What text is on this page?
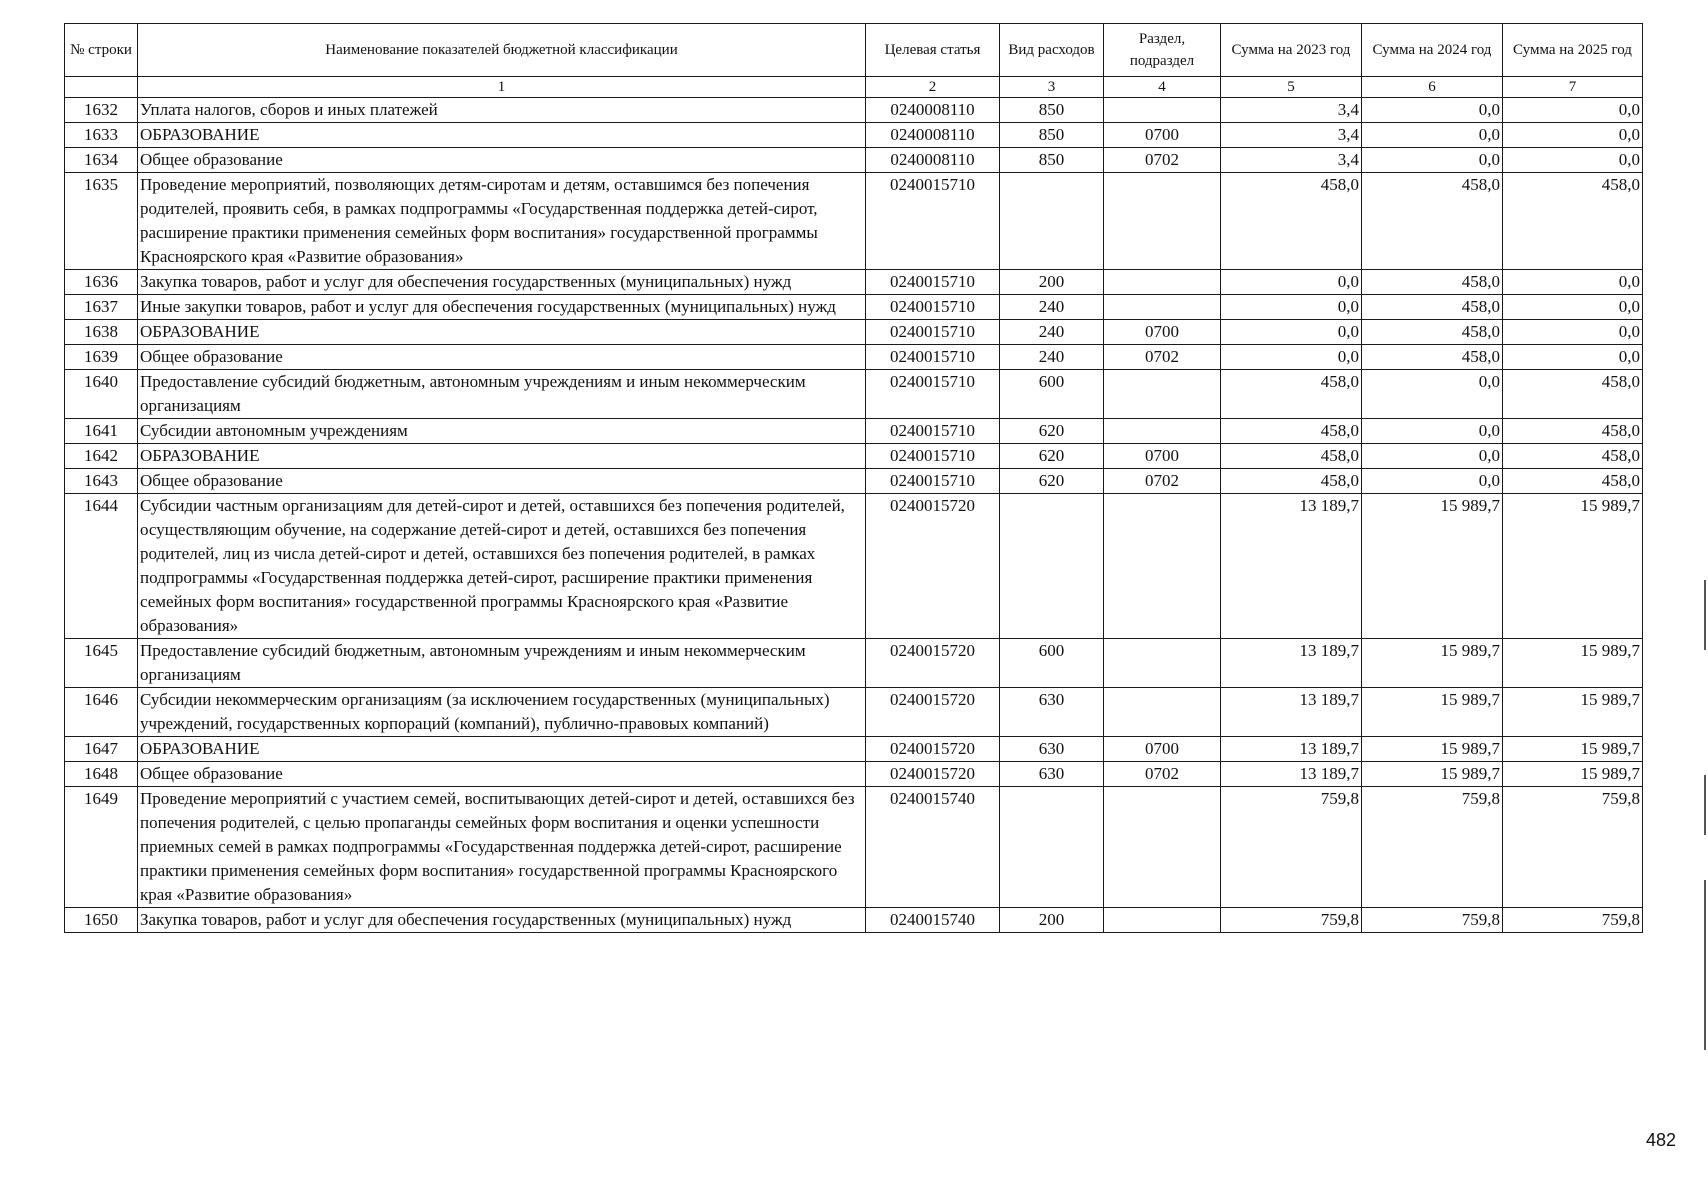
№ строки	Наименование показателей бюджетной классификации	Целевая статья	Вид расходов	Раздел, подраздел	Сумма на 2023 год	Сумма на 2024 год	Сумма на 2025 год
	1	2	3	4	5	6	7
1632	Уплата налогов, сборов и иных платежей	0240008110	850		3,4	0,0	0,0
1633	ОБРАЗОВАНИЕ	0240008110	850	0700	3,4	0,0	0,0
1634	Общее образование	0240008110	850	0702	3,4	0,0	0,0
1635	Проведение мероприятий, позволяющих детям-сиротам и детям, оставшимся без попечения родителей, проявить себя, в рамках подпрограммы «Государственная поддержка детей-сирот, расширение практики применения семейных форм воспитания» государственной программы Красноярского края «Развитие образования»	0240015710			458,0	458,0	458,0
1636	Закупка товаров, работ и услуг для обеспечения государственных (муниципальных) нужд	0240015710	200		0,0	458,0	0,0
1637	Иные закупки товаров, работ и услуг для обеспечения государственных (муниципальных) нужд	0240015710	240		0,0	458,0	0,0
1638	ОБРАЗОВАНИЕ	0240015710	240	0700	0,0	458,0	0,0
1639	Общее образование	0240015710	240	0702	0,0	458,0	0,0
1640	Предоставление субсидий бюджетным, автономным учреждениям и иным некоммерческим организациям	0240015710	600		458,0	0,0	458,0
1641	Субсидии автономным учреждениям	0240015710	620		458,0	0,0	458,0
1642	ОБРАЗОВАНИЕ	0240015710	620	0700	458,0	0,0	458,0
1643	Общее образование	0240015710	620	0702	458,0	0,0	458,0
1644	Субсидии частным организациям для детей-сирот и детей, оставшихся без попечения родителей, осуществляющим обучение, на содержание детей-сирот и детей, оставшихся без попечения родителей, лиц из числа детей-сирот и детей, оставшихся без попечения родителей, в рамках подпрограммы «Государственная поддержка детей-сирот, расширение практики применения семейных форм воспитания» государственной программы Красноярского края «Развитие образования»	0240015720			13 189,7	15 989,7	15 989,7
1645	Предоставление субсидий бюджетным, автономным учреждениям и иным некоммерческим организациям	0240015720	600		13 189,7	15 989,7	15 989,7
1646	Субсидии некоммерческим организациям (за исключением государственных (муниципальных) учреждений, государственных корпораций (компаний), публично-правовых компаний)	0240015720	630		13 189,7	15 989,7	15 989,7
1647	ОБРАЗОВАНИЕ	0240015720	630	0700	13 189,7	15 989,7	15 989,7
1648	Общее образование	0240015720	630	0702	13 189,7	15 989,7	15 989,7
1649	Проведение мероприятий с участием семей, воспитывающих детей-сирот и детей, оставшихся без попечения родителей, с целью пропаганды семейных форм воспитания и оценки успешности приемных семей в рамках подпрограммы «Государственная поддержка детей-сирот, расширение практики применения семейных форм воспитания» государственной программы Красноярского края «Развитие образования»	0240015740			759,8	759,8	759,8
1650	Закупка товаров, работ и услуг для обеспечения государственных (муниципальных) нужд	0240015740	200		759,8	759,8	759,8
482
